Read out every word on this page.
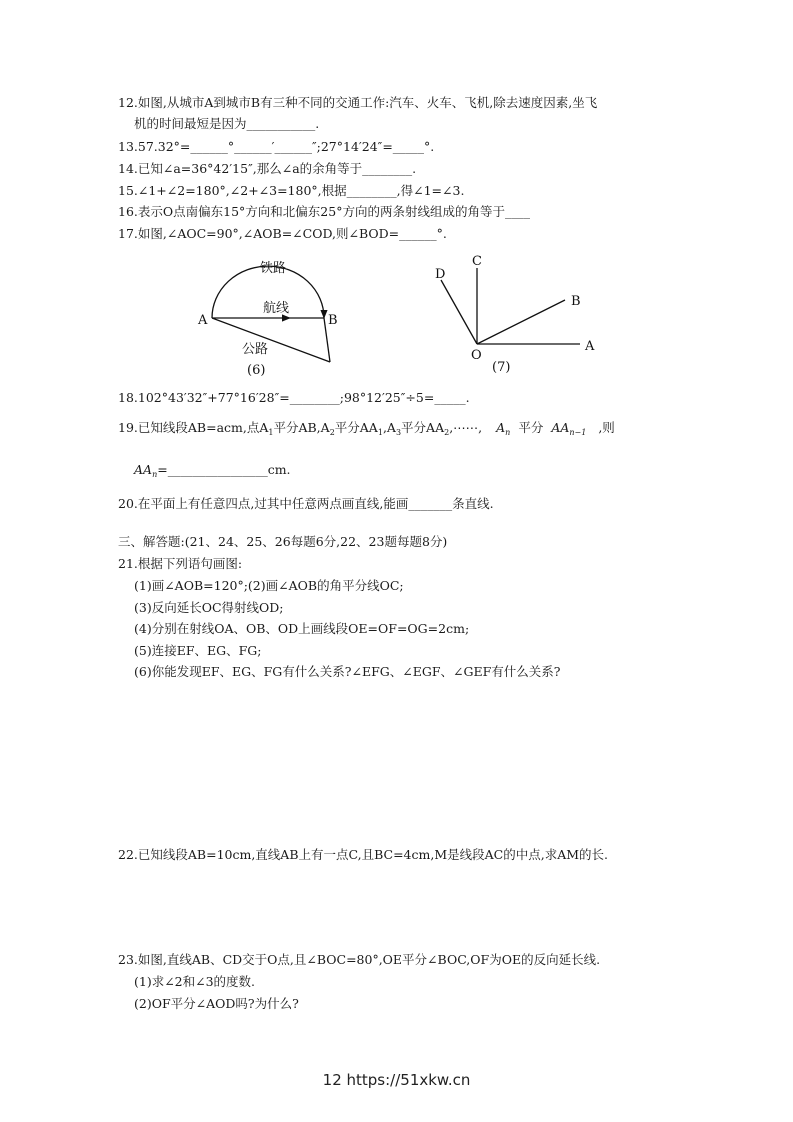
12.如图,从城市A到城市B有三种不同的交通工作:汽车、火车、飞机,除去速度因素,坐飞
机的时间最短是因为___________.
13.57.32°=______°______′______″;27°14′24″=_____°.
14.已知∠a=36°42′15″,那么∠a的余角等于________.
15.∠1+∠2=180°,∠2+∠3=180°,根据________,得∠1=∠3.
16.表示O点南偏东15°方向和北偏东25°方向的两条射线组成的角等于____
17.如图,∠AOC=90°,∠AOB=∠COD,则∠BOD=______°.
铁路
航线
公路
A	B
(6)
C
D
B
A
O
(7)
18.102°43′32″+77°16′28″=________;98°12′25″÷5=_____.
19.已知线段AB=acm,点$A_1$平分$AB,A_2$平分$AA_1,A_3$平分$AA_2,\cdots\cdots$, $A_n$ 平分 $AA_{n-1}$ ,则
$AA_n=\_\_\_\_\_\_\_\_\_\_\_\_\_\_\_\_cm$.
20.在平面上有任意四点,过其中任意两点画直线,能画_______条直线.
三、解答题:(21、24、25、26每题6分,22、23题每题8分)
21.根据下列语句画图:
(1)画∠AOB=120°;(2)画∠AOB的角平分线OC;
(3)反向延长OC得射线OD;
(4)分别在射线OA、OB、OD上画线段OE=OF=OG=2cm;
(5)连接EF、EG、FG;
(6)你能发现EF、EG、FG有什么关系?∠EFG、∠EGF、∠GEF有什么关系?
22.已知线段AB=10cm,直线AB上有一点C,且BC=4cm,M是线段AC的中点,求AM的长.
23.如图,直线AB、CD交于O点,且∠BOC=80°,OE平分∠BOC,OF为OE的反向延长线.
(1)求∠2和∠3的度数.
(2)OF平分∠AOD吗?为什么?
12 https://51xkw.cn
